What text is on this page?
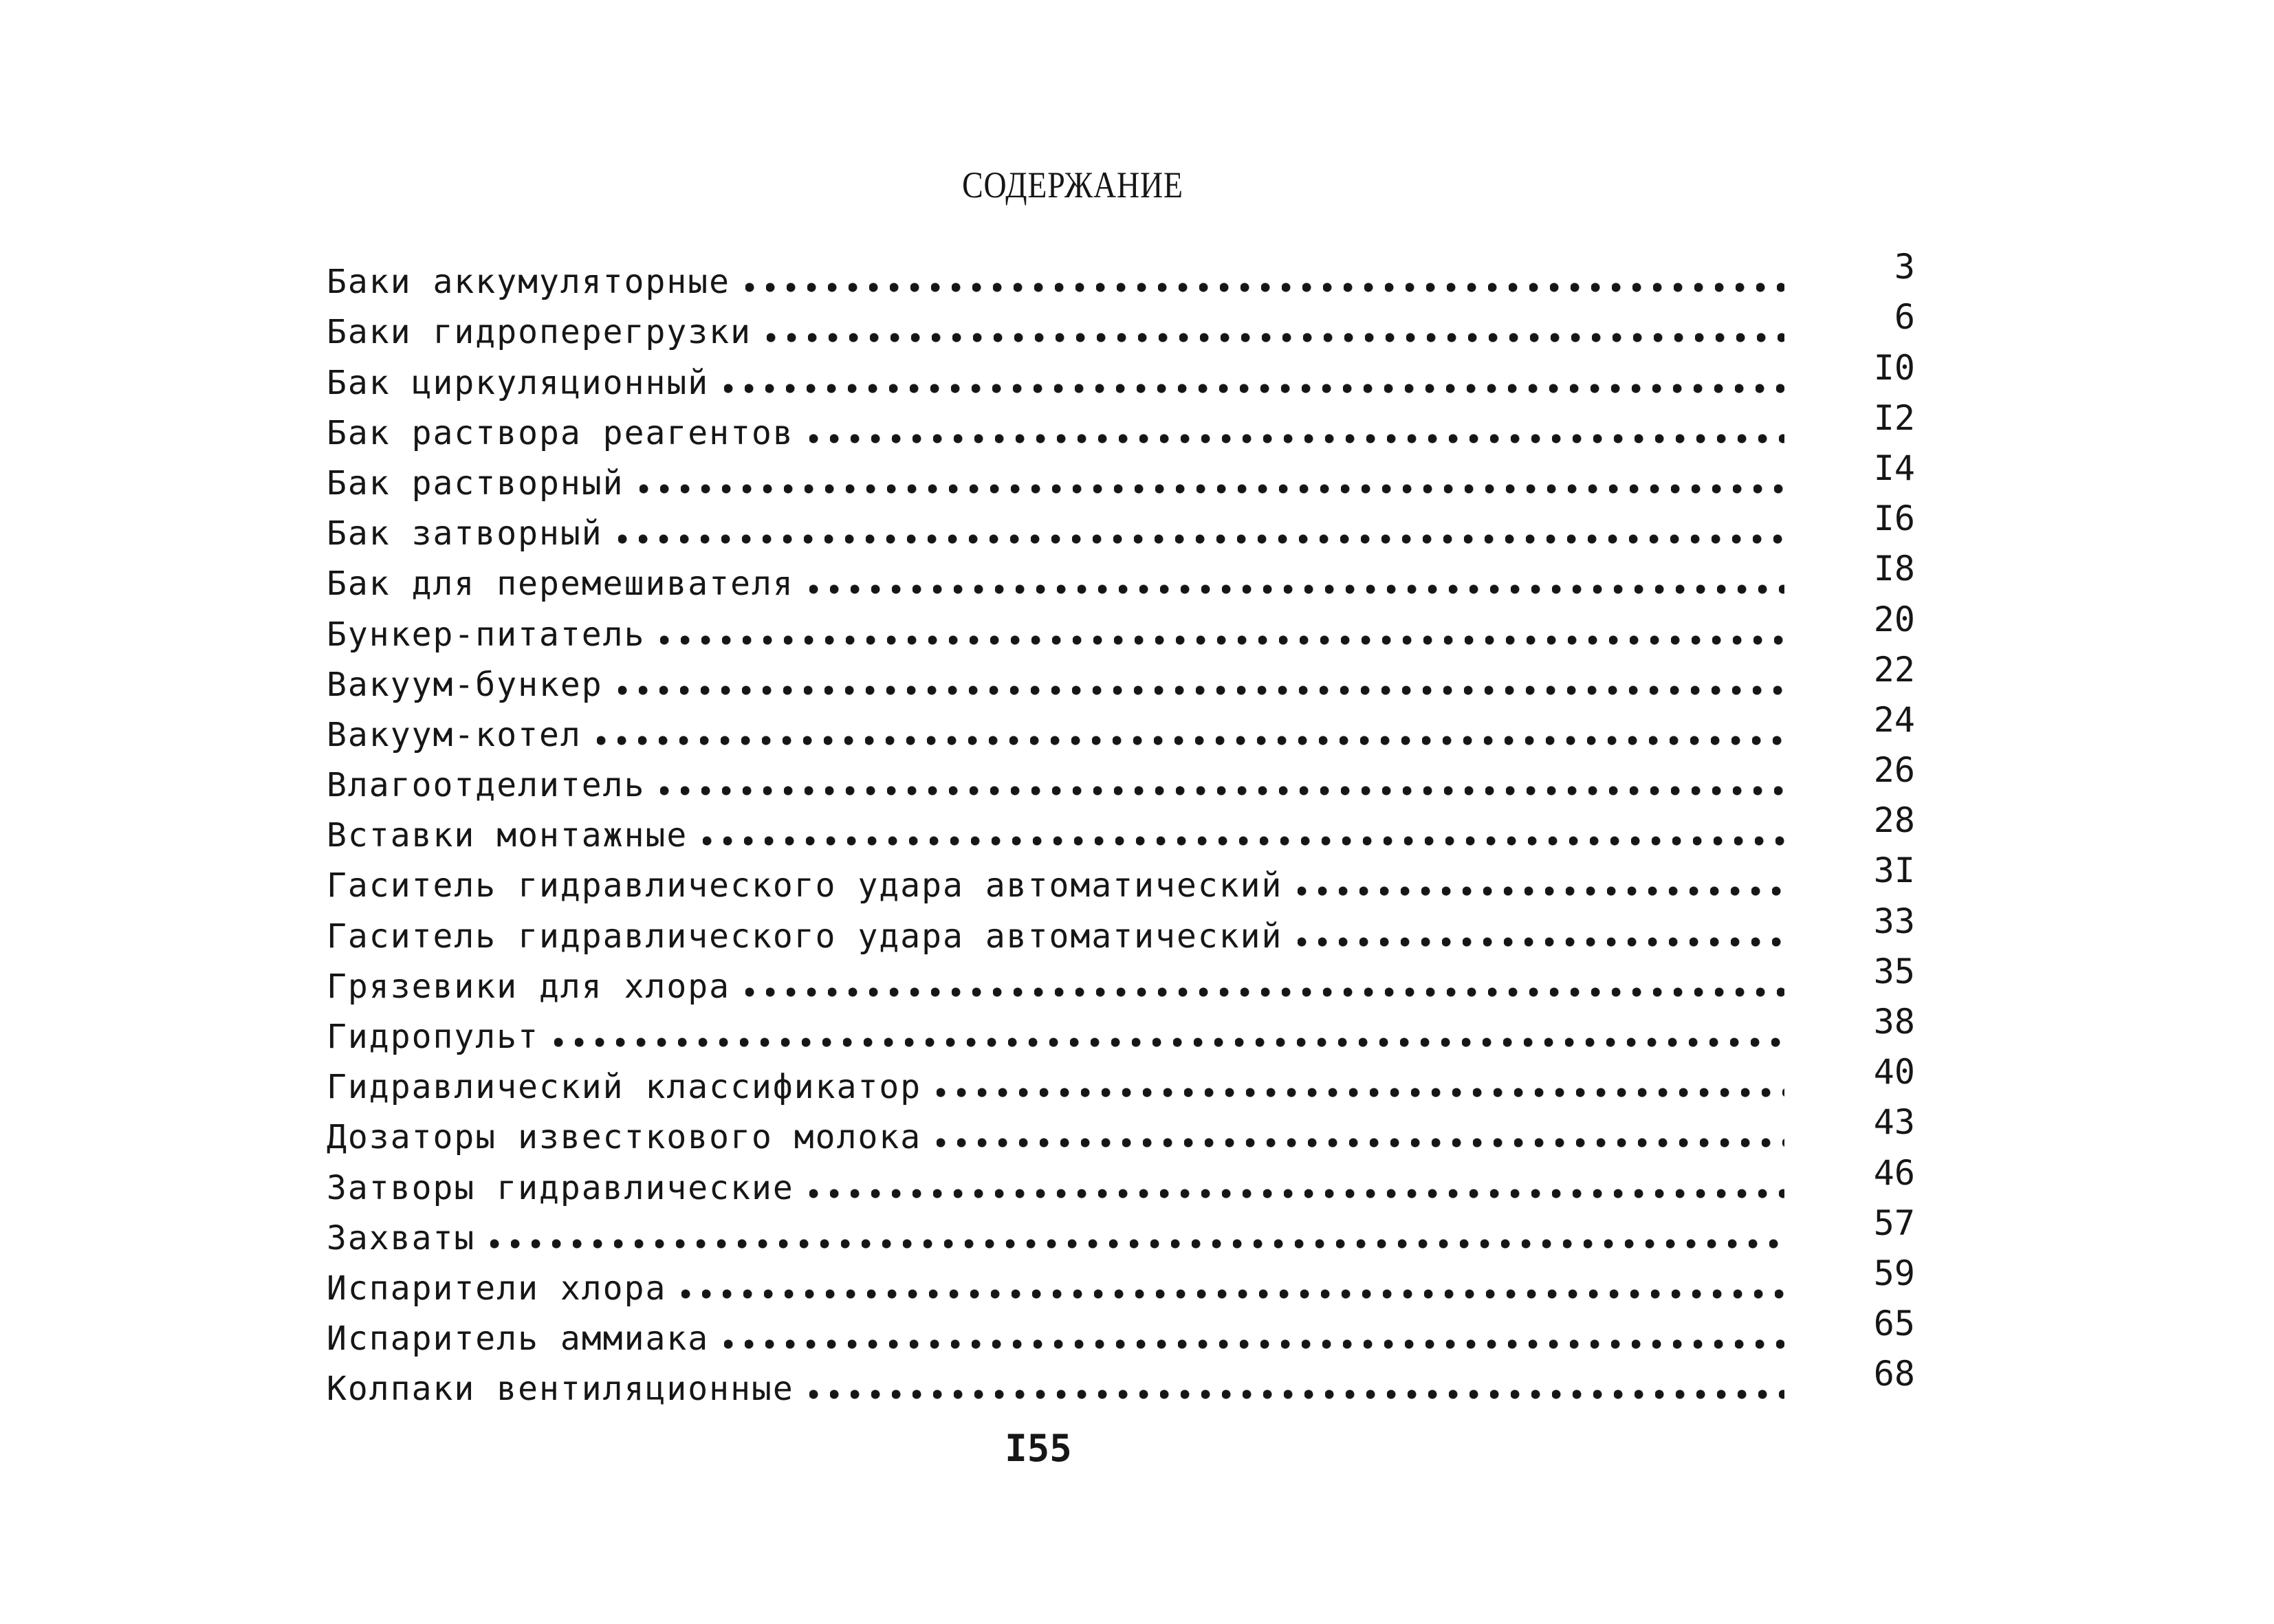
СОДЕРЖАНИЕ
Баки аккумуляторные	3
Баки гидроперегрузки	6
Бак циркуляционный	I0
Бак раствора реагентов	I2
Бак растворный	I4
Бак затворный	I6
Бак для перемешивателя	I8
Бункер-питатель	20
Вакуум-бункер	22
Вакуум-котел	24
Влагоотделитель	26
Вставки монтажные	28
Гаситель гидравлического удара автоматический	3I
Гаситель гидравлического удара автоматический	33
Грязевики для хлора	35
Гидропульт	38
Гидравлический классификатор	40
Дозаторы известкового молока	43
Затворы гидравлические	46
Захваты	57
Испарители хлора	59
Испаритель аммиака	65
Колпаки вентиляционные	68
I55
